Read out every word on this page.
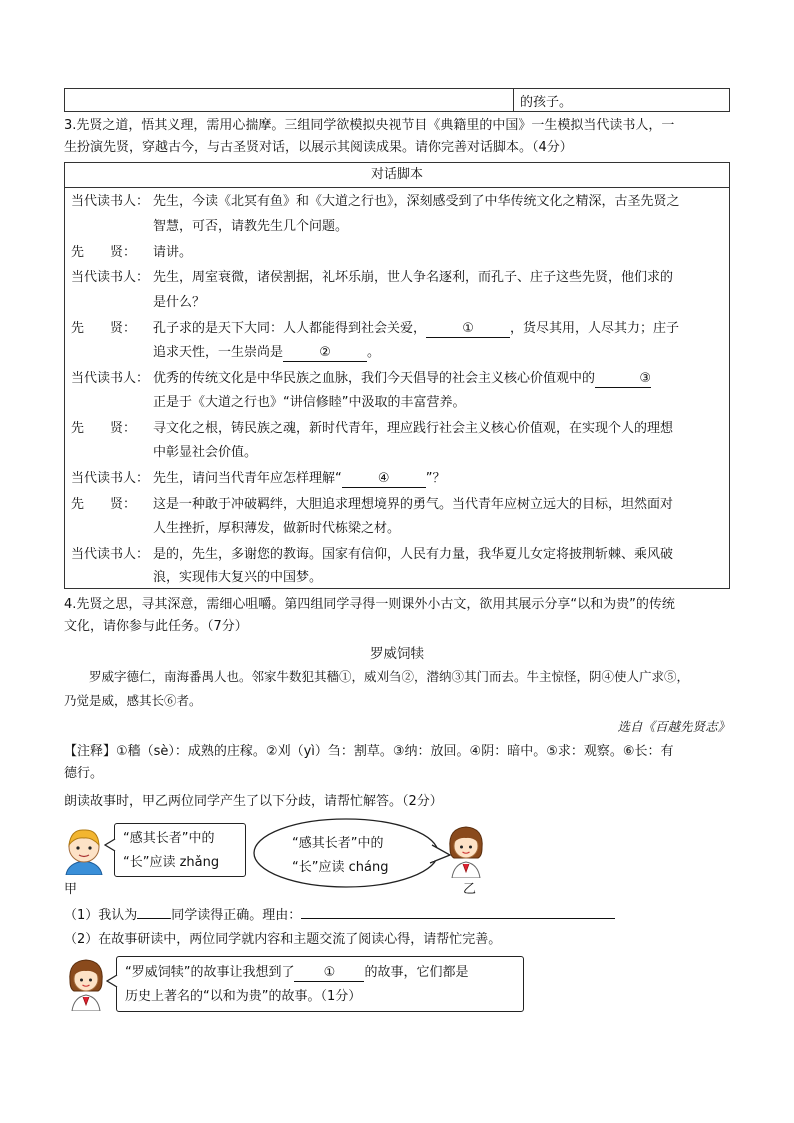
	的孩子。
3.先贤之道，悟其义理，需用心揣摩。三组同学欲模拟央视节目《典籍里的中国》一生模拟当代读书人，一
生扮演先贤，穿越古今，与古圣贤对话，以展示其阅读成果。请你完善对话脚本。（4分）
对话脚本
当代读书人： 先生，今读《北冥有鱼》和《大道之行也》，深刻感受到了中华传统文化之精深，古圣先贤之
智慧，可否，请教先生几个问题。
先　　贤： 请讲。
当代读书人： 先生，周室衰微，诸侯割据，礼坏乐崩，世人争名逐利，而孔子、庄子这些先贤，他们求的
是什么？
先　　贤： 孔子求的是天下大同：人人都能得到社会关爱，	①	，货尽其用，人尽其力；庄子
追求天性，一生崇尚是	②	。
当代读书人： 优秀的传统文化是中华民族之血脉，我们今天倡导的社会主义核心价值观中的	③
正是于《大道之行也》“讲信修睦”中汲取的丰富营养。
先　　贤： 寻文化之根，铸民族之魂，新时代青年，理应践行社会主义核心价值观，在实现个人的理想
中彰显社会价值。
当代读书人： 先生，请问当代青年应怎样理解“	④	”？
先　　贤： 这是一种敢于冲破羁绊，大胆追求理想境界的勇气。当代青年应树立远大的目标，坦然面对
人生挫折，厚积薄发，做新时代栋梁之材。
当代读书人： 是的，先生，多谢您的教诲。国家有信仰，人民有力量，我华夏儿女定将披荆斩棘、乘风破
浪，实现伟大复兴的中国梦。
4.先贤之思，寻其深意，需细心咀嚼。第四组同学寻得一则课外小古文，欲用其展示分享“以和为贵”的传统
文化，请你参与此任务。（7分）
罗威饲犊
　　罗威字德仁，南海番禺人也。邻家牛数犯其穡①，威刈刍②，潜纳③其门而去。牛主惊怪，阴④使人广求⑤，
乃觉是威，感其长⑥者。
选自《百越先贤志》
【注释】①穡（sè）：成熟的庄稼。②刈（yì）刍：割草。③纳：放回。④阴：暗中。⑤求：观察。⑥长：有
德行。
朗读故事时，甲乙两位同学产生了以下分歧，请帮忙解答。（2分）
“感其长者”中的
“长”应读 zhǎng
甲
“感其长者”中的
“长”应读 cháng
乙
（1）我认为	同学读得正确。理由：
（2）在故事研读中，两位同学就内容和主题交流了阅读心得，请帮忙完善。
“罗威饲犊”的故事让我想到了 ① 的故事，它们都是
历史上著名的“以和为贵”的故事。（1分）
